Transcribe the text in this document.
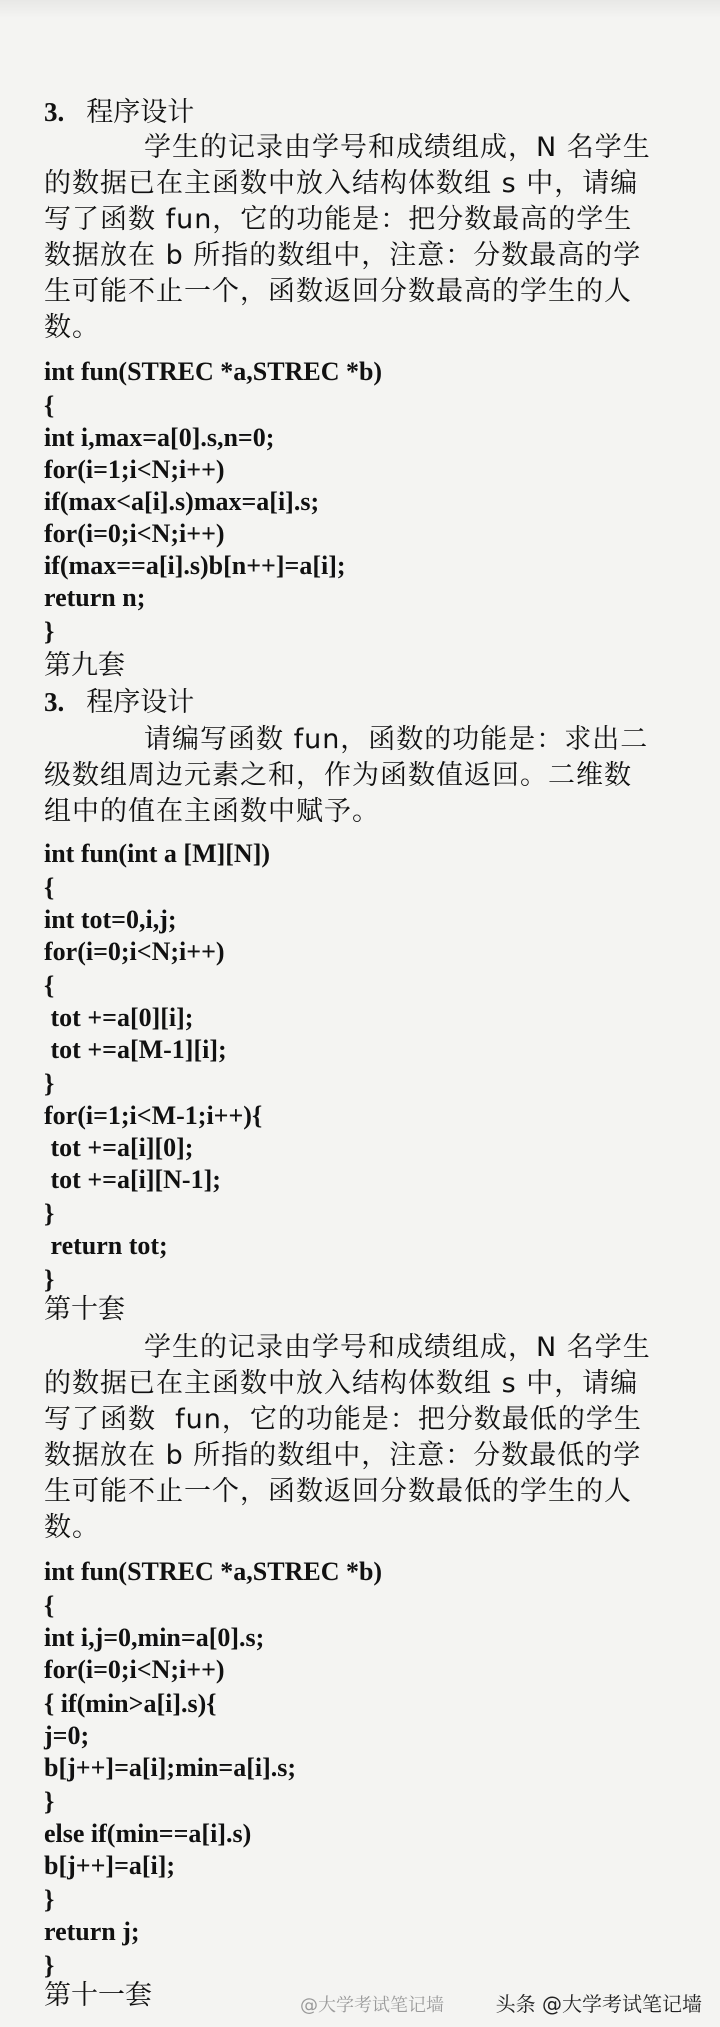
3. 程序设计
学生的记录由学号和成绩组成，N 名学生
的数据已在主函数中放入结构体数组 s 中，请编
写了函数 fun，它的功能是：把分数最高的学生
数据放在 b 所指的数组中，注意：分数最高的学
生可能不止一个，函数返回分数最高的学生的人
数。
int fun(STREC *a,STREC *b)
{
int i,max=a[0].s,n=0;
for(i=1;i<N;i++)
if(max<a[i].s)max=a[i].s;
for(i=0;i<N;i++)
if(max==a[i].s)b[n++]=a[i];
return n;
}
第九套
3. 程序设计
请编写函数 fun，函数的功能是：求出二
级数组周边元素之和，作为函数值返回。二维数
组中的值在主函数中赋予。
int fun(int a [M][N])
{
int tot=0,i,j;
for(i=0;i<N;i++)
{
tot +=a[0][i];
tot +=a[M-1][i];
}
for(i=1;i<M-1;i++){
tot +=a[i][0];
tot +=a[i][N-1];
}
return tot;
}
第十套
学生的记录由学号和成绩组成，N 名学生
的数据已在主函数中放入结构体数组 s 中，请编
写了函数  fun，它的功能是：把分数最低的学生
数据放在 b 所指的数组中，注意：分数最低的学
生可能不止一个，函数返回分数最低的学生的人
数。
int fun(STREC *a,STREC *b)
{
int i,j=0,min=a[0].s;
for(i=0;i<N;i++)
{ if(min>a[i].s){
j=0;
b[j++]=a[i];min=a[i].s;
}
else if(min==a[i].s)
b[j++]=a[i];
}
return j;
}
第十一套	@大学考试笔记墙	头条 @大学考试笔记墙
